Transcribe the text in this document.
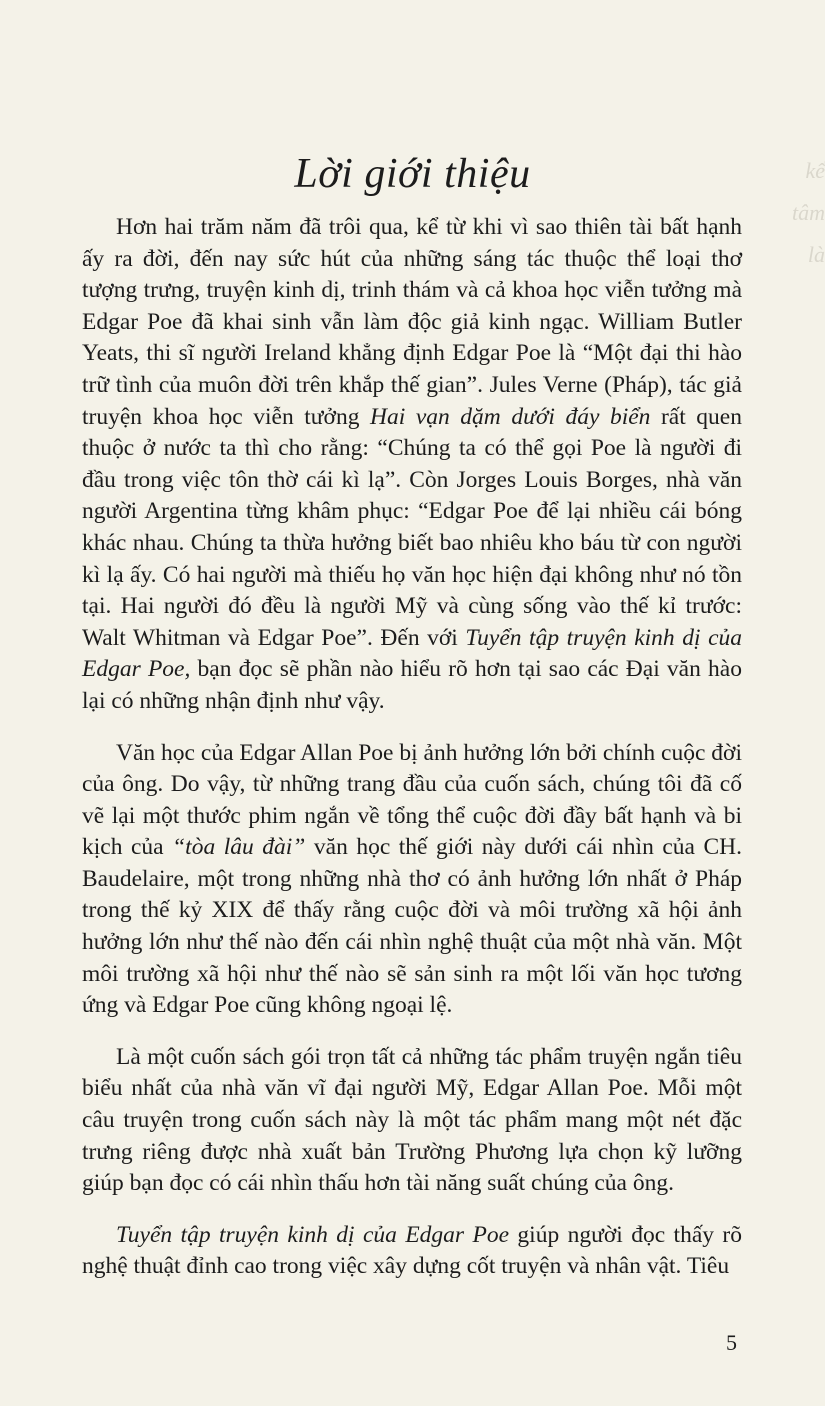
kể
tâm
là
Lời giới thiệu

Hơn hai trăm năm đã trôi qua, kể từ khi vì sao thiên tài bất hạnh ấy ra đời, đến nay sức hút của những sáng tác thuộc thể loại thơ tượng trưng, truyện kinh dị, trinh thám và cả khoa học viễn tưởng mà Edgar Poe đã khai sinh vẫn làm độc giả kinh ngạc. William Butler Yeats, thi sĩ người Ireland khẳng định Edgar Poe là “Một đại thi hào trữ tình của muôn đời trên khắp thế gian”. Jules Verne (Pháp), tác giả truyện khoa học viễn tưởng Hai vạn dặm dưới đáy biển rất quen thuộc ở nước ta thì cho rằng: “Chúng ta có thể gọi Poe là người đi đầu trong việc tôn thờ cái kì lạ”. Còn Jorges Louis Borges, nhà văn người Argentina từng khâm phục: “Edgar Poe để lại nhiều cái bóng khác nhau. Chúng ta thừa hưởng biết bao nhiêu kho báu từ con người kì lạ ấy. Có hai người mà thiếu họ văn học hiện đại không như nó tồn tại. Hai người đó đều là người Mỹ và cùng sống vào thế kỉ trước: Walt Whitman và Edgar Poe”. Đến với Tuyển tập truyện kinh dị của Edgar Poe, bạn đọc sẽ phần nào hiểu rõ hơn tại sao các Đại văn hào lại có những nhận định như vậy.

Văn học của Edgar Allan Poe bị ảnh hưởng lớn bởi chính cuộc đời của ông. Do vậy, từ những trang đầu của cuốn sách, chúng tôi đã cố vẽ lại một thước phim ngắn về tổng thể cuộc đời đầy bất hạnh và bi kịch của “tòa lâu đài” văn học thế giới này dưới cái nhìn của CH. Baudelaire, một trong những nhà thơ có ảnh hưởng lớn nhất ở Pháp trong thế kỷ XIX để thấy rằng cuộc đời và môi trường xã hội ảnh hưởng lớn như thế nào đến cái nhìn nghệ thuật của một nhà văn. Một môi trường xã hội như thế nào sẽ sản sinh ra một lối văn học tương ứng và Edgar Poe cũng không ngoại lệ.

Là một cuốn sách gói trọn tất cả những tác phẩm truyện ngắn tiêu biểu nhất của nhà văn vĩ đại người Mỹ, Edgar Allan Poe. Mỗi một câu truyện trong cuốn sách này là một tác phẩm mang một nét đặc trưng riêng được nhà xuất bản Trường Phương lựa chọn kỹ lưỡng giúp bạn đọc có cái nhìn thấu hơn tài năng suất chúng của ông.

Tuyển tập truyện kinh dị của Edgar Poe giúp người đọc thấy rõ nghệ thuật đỉnh cao trong việc xây dựng cốt truyện và nhân vật. Tiêu

5
